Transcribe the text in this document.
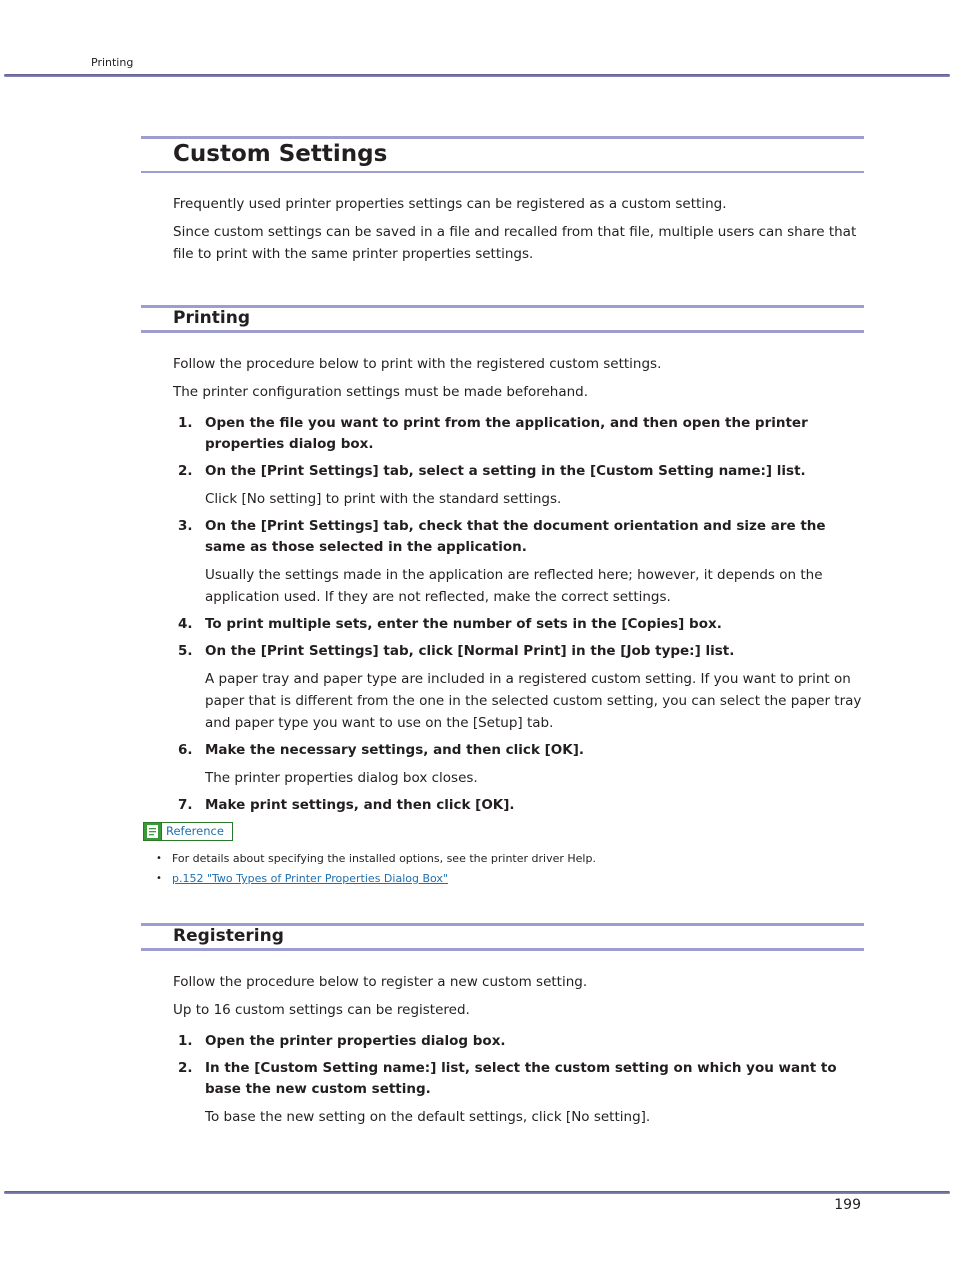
Printing
Custom Settings

Frequently used printer properties settings can be registered as a custom setting.

Since custom settings can be saved in a file and recalled from that file, multiple users can share that file to print with the same printer properties settings.

Printing

Follow the procedure below to print with the registered custom settings.

The printer configuration settings must be made beforehand.

1. Open the file you want to print from the application, and then open the printer properties dialog box.
2. On the [Print Settings] tab, select a setting in the [Custom Setting name:] list.
Click [No setting] to print with the standard settings.
3. On the [Print Settings] tab, check that the document orientation and size are the same as those selected in the application.
Usually the settings made in the application are reflected here; however, it depends on the application used. If they are not reflected, make the correct settings.
4. To print multiple sets, enter the number of sets in the [Copies] box.
5. On the [Print Settings] tab, click [Normal Print] in the [Job type:] list.
A paper tray and paper type are included in a registered custom setting. If you want to print on paper that is different from the one in the selected custom setting, you can select the paper tray and paper type you want to use on the [Setup] tab.
6. Make the necessary settings, and then click [OK].
The printer properties dialog box closes.
7. Make print settings, and then click [OK].
Reference
• For details about specifying the installed options, see the printer driver Help.
• p.152 "Two Types of Printer Properties Dialog Box"
Registering

Follow the procedure below to register a new custom setting.

Up to 16 custom settings can be registered.

1. Open the printer properties dialog box.
2. In the [Custom Setting name:] list, select the custom setting on which you want to base the new custom setting.
To base the new setting on the default settings, click [No setting].
199
